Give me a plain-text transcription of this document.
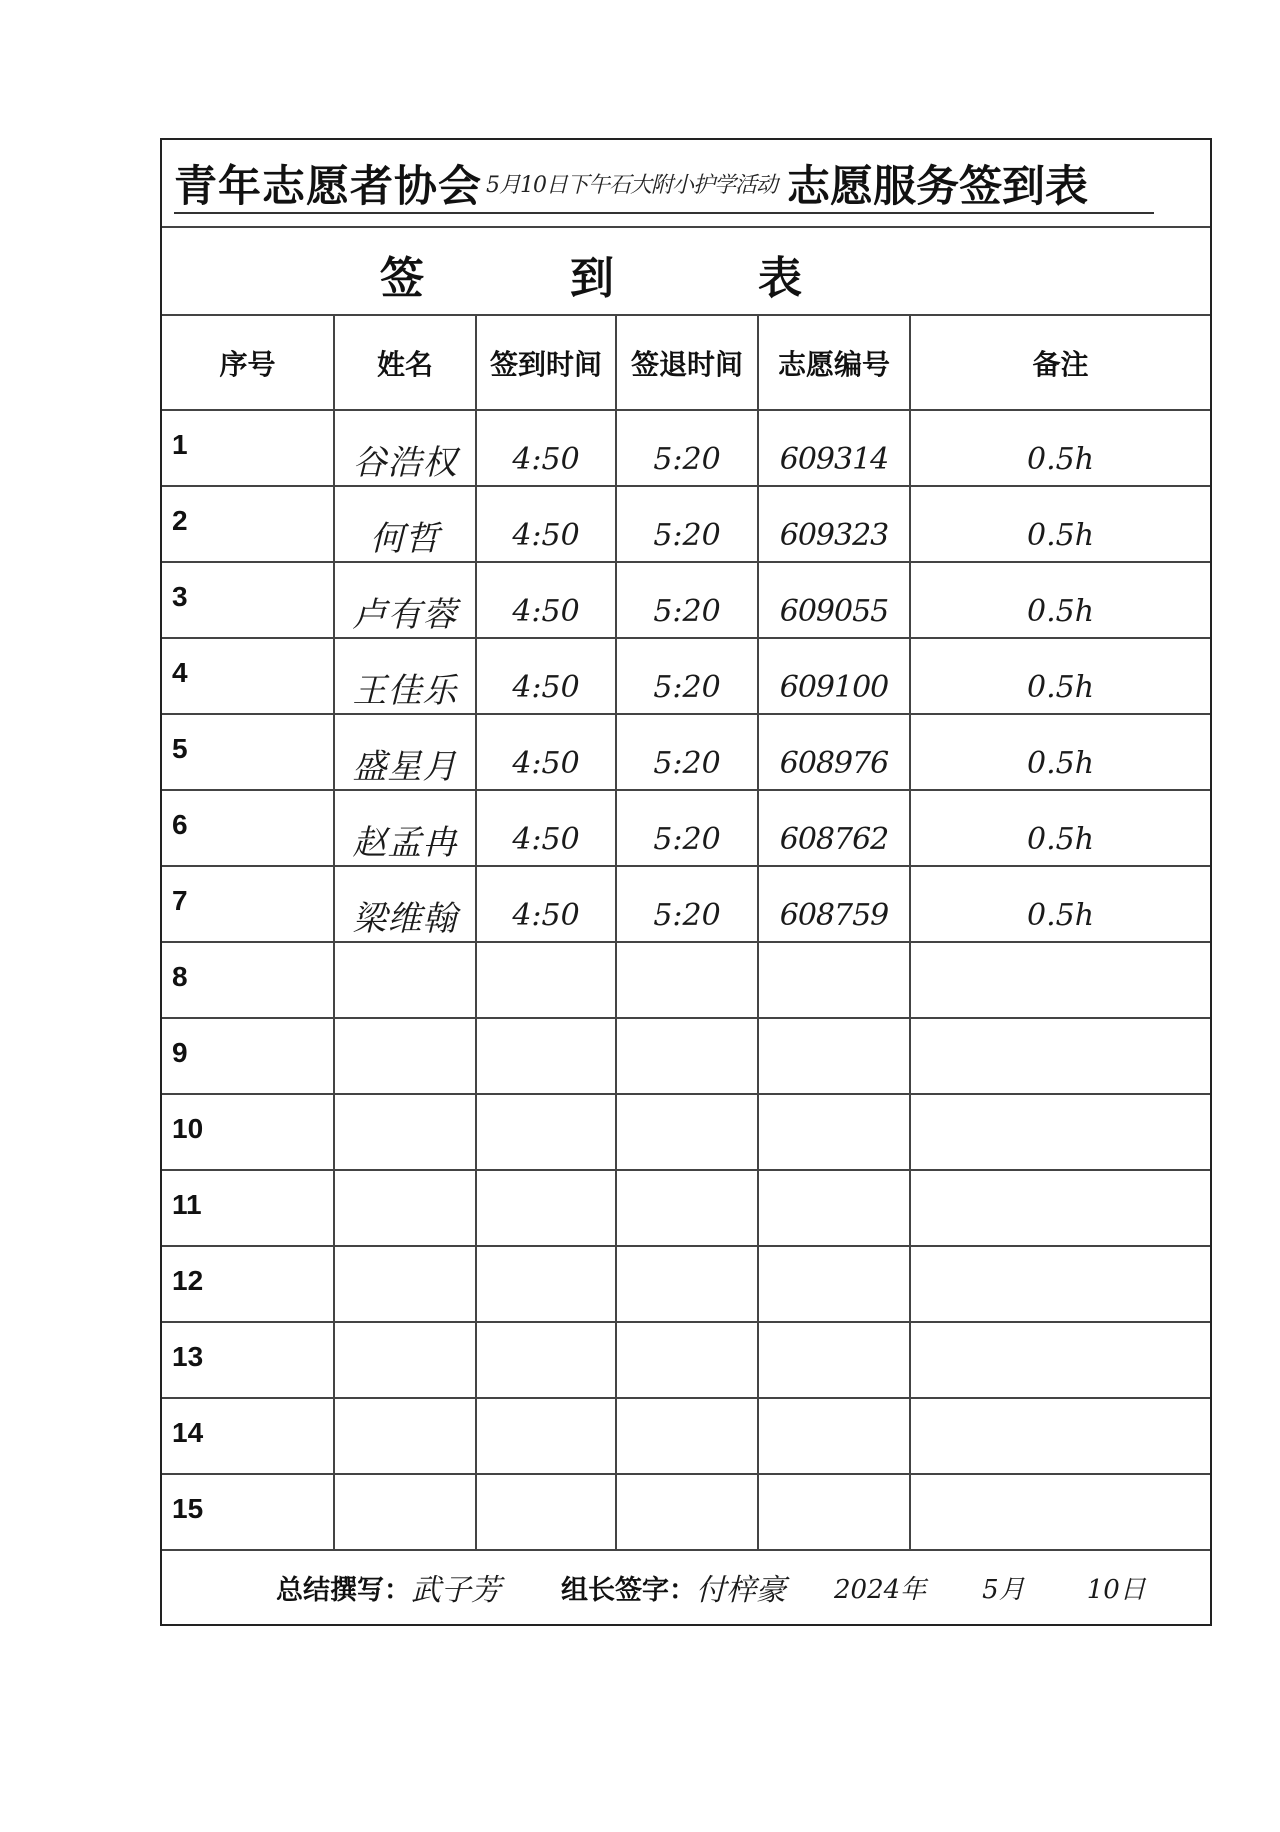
青年志愿者协会 5月10日下午石大附小护学活动 志愿服务签到表
签	到	表
序号	姓名	签到时间	签退时间	志愿编号	备注

1	谷浩权	4:50	5:20	609314	0.5h

2	何哲	4:50	5:20	609323	0.5h

3	卢有蓉	4:50	5:20	609055	0.5h

4	王佳乐	4:50	5:20	609100	0.5h

5	盛星月	4:50	5:20	608976	0.5h

6	赵孟冉	4:50	5:20	608762	0.5h

7	梁维翰	4:50	5:20	608759	0.5h

8					

9					

10					

11					

12					

13					

14					

15					

总结撰写： 武子芳 组长签字： 付梓豪 2024年 5月 10日
